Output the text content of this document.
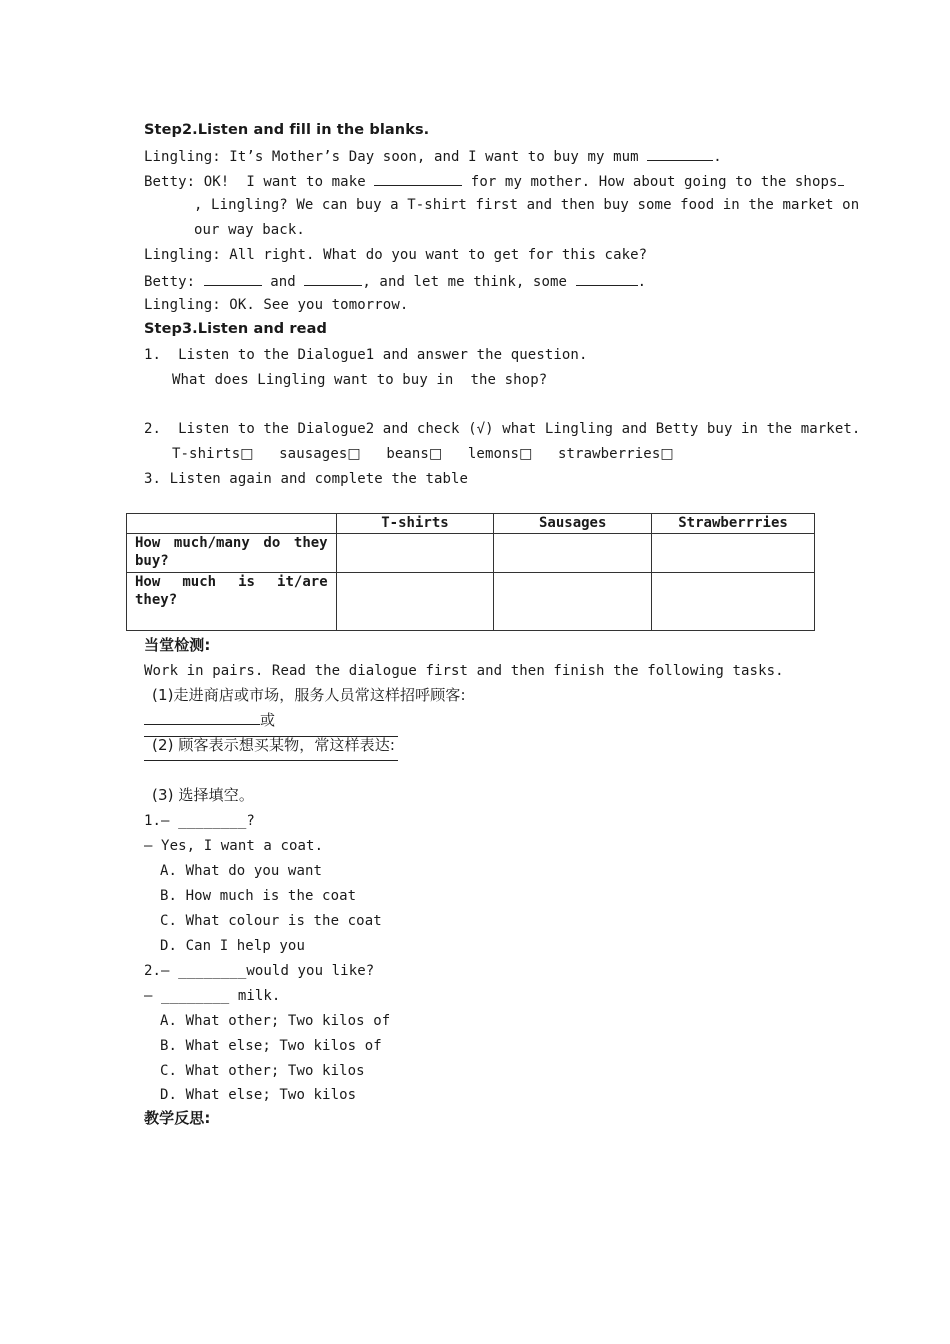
Step2.Listen and fill in the blanks.
Lingling: It’s Mother’s Day soon, and I want to buy my mum	.
Betty: OK!  I want to make	for my mother. How about going to the shops
, Lingling? We can buy a T-shirt first and then buy some food in the market on
our way back.
Lingling: All right. What do you want to get for this cake?
Betty:	and	, and let me think, some	.
Lingling: OK. See you tomorrow.
Step3.Listen and read
1.  Listen to the Dialogue1 and answer the question.
What does Lingling want to buy in  the shop?
2.  Listen to the Dialogue2 and check (√) what Lingling and Betty buy in the market.
T-shirts□ sausages□ beans□ lemons□ strawberries□
3. Listen again and complete the table
	T-shirts	Sausages	Strawberrries
How much/many do they buy?			
How much is it/are they?			
当堂检测:
Work in pairs. Read the dialogue first and then finish the following tasks.
(1)走进商店或市场，服务人员常这样招呼顾客:
或
(2) 顾客表示想买某物，常这样表达:
(3) 选择填空。
1.— ________?
— Yes, I want a coat.
A. What do you want
B. How much is the coat
C. What colour is the coat
D. Can I help you
2.— ________would you like?
— ________ milk.
A. What other; Two kilos of
B. What else; Two kilos of
C. What other; Two kilos
D. What else; Two kilos
教学反思:
